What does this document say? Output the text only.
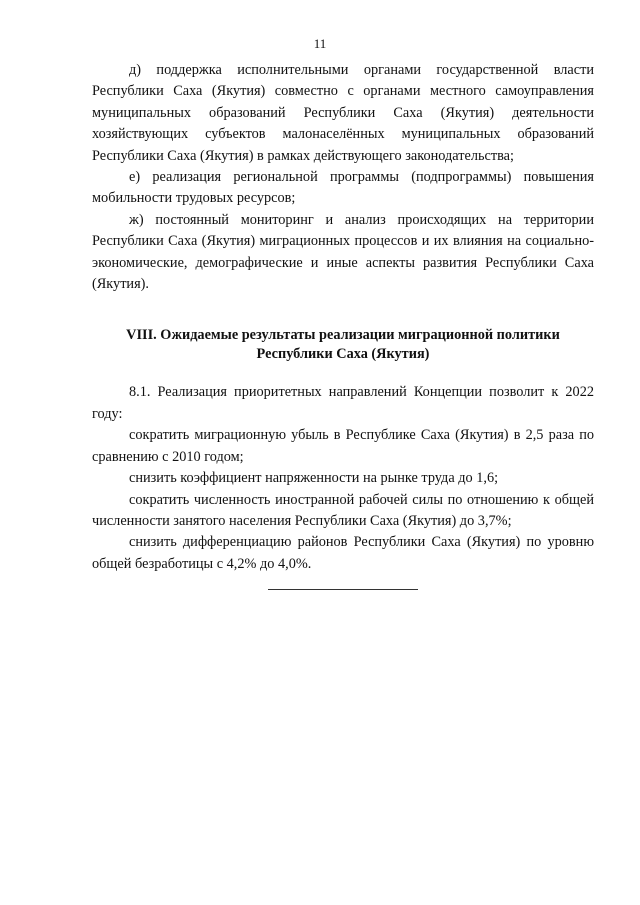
11

д) поддержка исполнительными органами государственной власти Республики Саха (Якутия) совместно с органами местного самоуправления муниципальных образований Республики Саха (Якутия) деятельности хозяйствующих субъектов малонаселённых муниципальных образований Республики Саха (Якутия) в рамках действующего законодательства;

е) реализация региональной программы (подпрограммы) повышения мобильности трудовых ресурсов;

ж) постоянный мониторинг и анализ происходящих на территории Республики Саха (Якутия) миграционных процессов и их влияния на социально-экономические, демографические и иные аспекты развития Республики Саха (Якутия).

VIII. Ожидаемые результаты реализации миграционной политики
Республики Саха (Якутия)

8.1. Реализация приоритетных направлений Концепции позволит к 2022 году:

сократить миграционную убыль в Республике Саха (Якутия) в 2,5 раза по сравнению с 2010 годом;

снизить коэффициент напряженности на рынке труда до 1,6;

сократить численность иностранной рабочей силы по отношению к общей численности занятого населения Республики Саха (Якутия) до 3,7%;

снизить дифференциацию районов Республики Саха (Якутия) по уровню общей безработицы с 4,2% до 4,0%.
